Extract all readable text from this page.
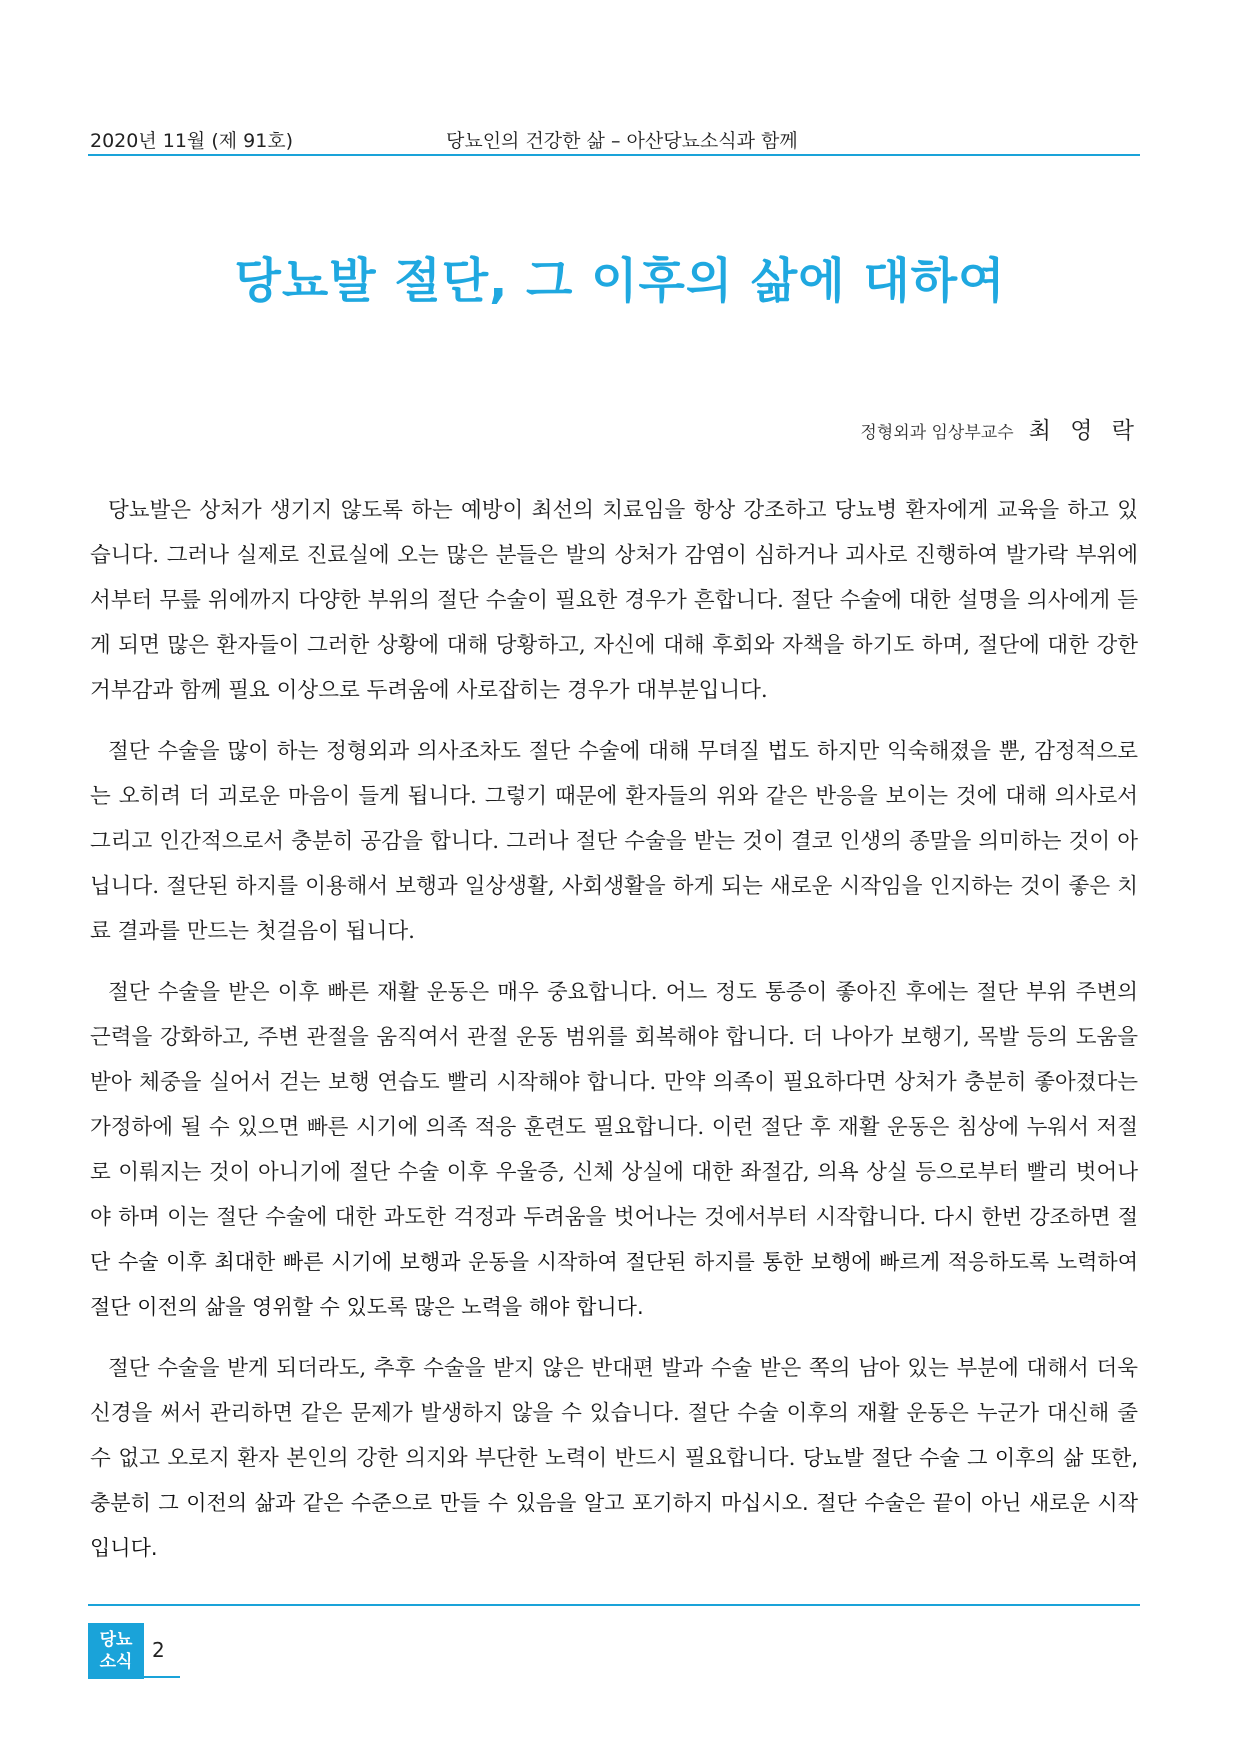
2020년 11월 (제 91호)	당뇨인의 건강한 삶 – 아산당뇨소식과 함께
당뇨발 절단, 그 이후의 삶에 대하여
정형외과 임상부교수 최 영 락

당뇨발은 상처가 생기지 않도록 하는 예방이 최선의 치료임을 항상 강조하고 당뇨병 환자에게 교육을 하고 있습니다. 그러나 실제로 진료실에 오는 많은 분들은 발의 상처가 감염이 심하거나 괴사로 진행하여 발가락 부위에서부터 무릎 위에까지 다양한 부위의 절단 수술이 필요한 경우가 흔합니다. 절단 수술에 대한 설명을 의사에게 듣게 되면 많은 환자들이 그러한 상황에 대해 당황하고, 자신에 대해 후회와 자책을 하기도 하며, 절단에 대한 강한 거부감과 함께 필요 이상으로 두려움에 사로잡히는 경우가 대부분입니다.

절단 수술을 많이 하는 정형외과 의사조차도 절단 수술에 대해 무뎌질 법도 하지만 익숙해졌을 뿐, 감정적으로는 오히려 더 괴로운 마음이 들게 됩니다. 그렇기 때문에 환자들의 위와 같은 반응을 보이는 것에 대해 의사로서 그리고 인간적으로서 충분히 공감을 합니다. 그러나 절단 수술을 받는 것이 결코 인생의 종말을 의미하는 것이 아닙니다. 절단된 하지를 이용해서 보행과 일상생활, 사회생활을 하게 되는 새로운 시작임을 인지하는 것이 좋은 치료 결과를 만드는 첫걸음이 됩니다.

절단 수술을 받은 이후 빠른 재활 운동은 매우 중요합니다. 어느 정도 통증이 좋아진 후에는 절단 부위 주변의 근력을 강화하고, 주변 관절을 움직여서 관절 운동 범위를 회복해야 합니다. 더 나아가 보행기, 목발 등의 도움을 받아 체중을 실어서 걷는 보행 연습도 빨리 시작해야 합니다. 만약 의족이 필요하다면 상처가 충분히 좋아졌다는 가정하에 될 수 있으면 빠른 시기에 의족 적응 훈련도 필요합니다. 이런 절단 후 재활 운동은 침상에 누워서 저절로 이뤄지는 것이 아니기에 절단 수술 이후 우울증, 신체 상실에 대한 좌절감, 의욕 상실 등으로부터 빨리 벗어나야 하며 이는 절단 수술에 대한 과도한 걱정과 두려움을 벗어나는 것에서부터 시작합니다. 다시 한번 강조하면 절단 수술 이후 최대한 빠른 시기에 보행과 운동을 시작하여 절단된 하지를 통한 보행에 빠르게 적응하도록 노력하여 절단 이전의 삶을 영위할 수 있도록 많은 노력을 해야 합니다.

절단 수술을 받게 되더라도, 추후 수술을 받지 않은 반대편 발과 수술 받은 쪽의 남아 있는 부분에 대해서 더욱 신경을 써서 관리하면 같은 문제가 발생하지 않을 수 있습니다. 절단 수술 이후의 재활 운동은 누군가 대신해 줄 수 없고 오로지 환자 본인의 강한 의지와 부단한 노력이 반드시 필요합니다. 당뇨발 절단 수술 그 이후의 삶 또한, 충분히 그 이전의 삶과 같은 수준으로 만들 수 있음을 알고 포기하지 마십시오. 절단 수술은 끝이 아닌 새로운 시작입니다.

당뇨
소식 2
